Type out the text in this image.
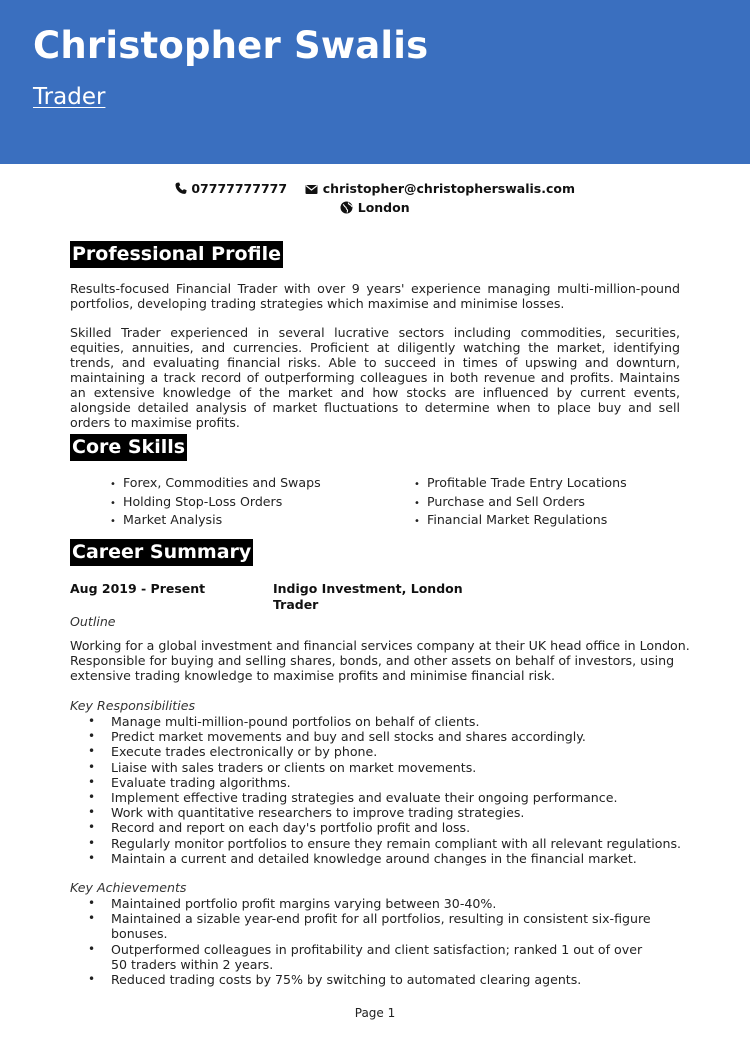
Christopher Swalis
Trader
07777777777	christopher@christopherswalis.com
London
Professional Profile

Results-focused Financial Trader with over 9 years' experience managing multi-million-pound portfolios, developing trading strategies which maximise and minimise losses.

Skilled Trader experienced in several lucrative sectors including commodities, securities, equities, annuities, and currencies. Proficient at diligently watching the market, identifying trends, and evaluating financial risks. Able to succeed in times of upswing and downturn, maintaining a track record of outperforming colleagues in both revenue and profits. Maintains an extensive knowledge of the market and how stocks are influenced by current events, alongside detailed analysis of market fluctuations to determine when to place buy and sell orders to maximise profits.

Core Skills
• Forex, Commodities and Swaps
• Holding Stop-Loss Orders
• Market Analysis
• Profitable Trade Entry Locations
• Purchase and Sell Orders
• Financial Market Regulations
Career Summary
Aug 2019 - Present	Indigo Investment, London
Trader
Outline

Working for a global investment and financial services company at their UK head office in London. Responsible for buying and selling shares, bonds, and other assets on behalf of investors, using extensive trading knowledge to maximise profits and minimise financial risk.

Key Responsibilities
• Manage multi-million-pound portfolios on behalf of clients.
• Predict market movements and buy and sell stocks and shares accordingly.
• Execute trades electronically or by phone.
• Liaise with sales traders or clients on market movements.
• Evaluate trading algorithms.
• Implement effective trading strategies and evaluate their ongoing performance.
• Work with quantitative researchers to improve trading strategies.
• Record and report on each day's portfolio profit and loss.
• Regularly monitor portfolios to ensure they remain compliant with all relevant regulations.
• Maintain a current and detailed knowledge around changes in the financial market.
Key Achievements
• Maintained portfolio profit margins varying between 30-40%.
• Maintained a sizable year-end profit for all portfolios, resulting in consistent six-figure bonuses.
• Outperformed colleagues in profitability and client satisfaction; ranked 1 out of over 50 traders within 2 years.
• Reduced trading costs by 75% by switching to automated clearing agents.
Page 1
